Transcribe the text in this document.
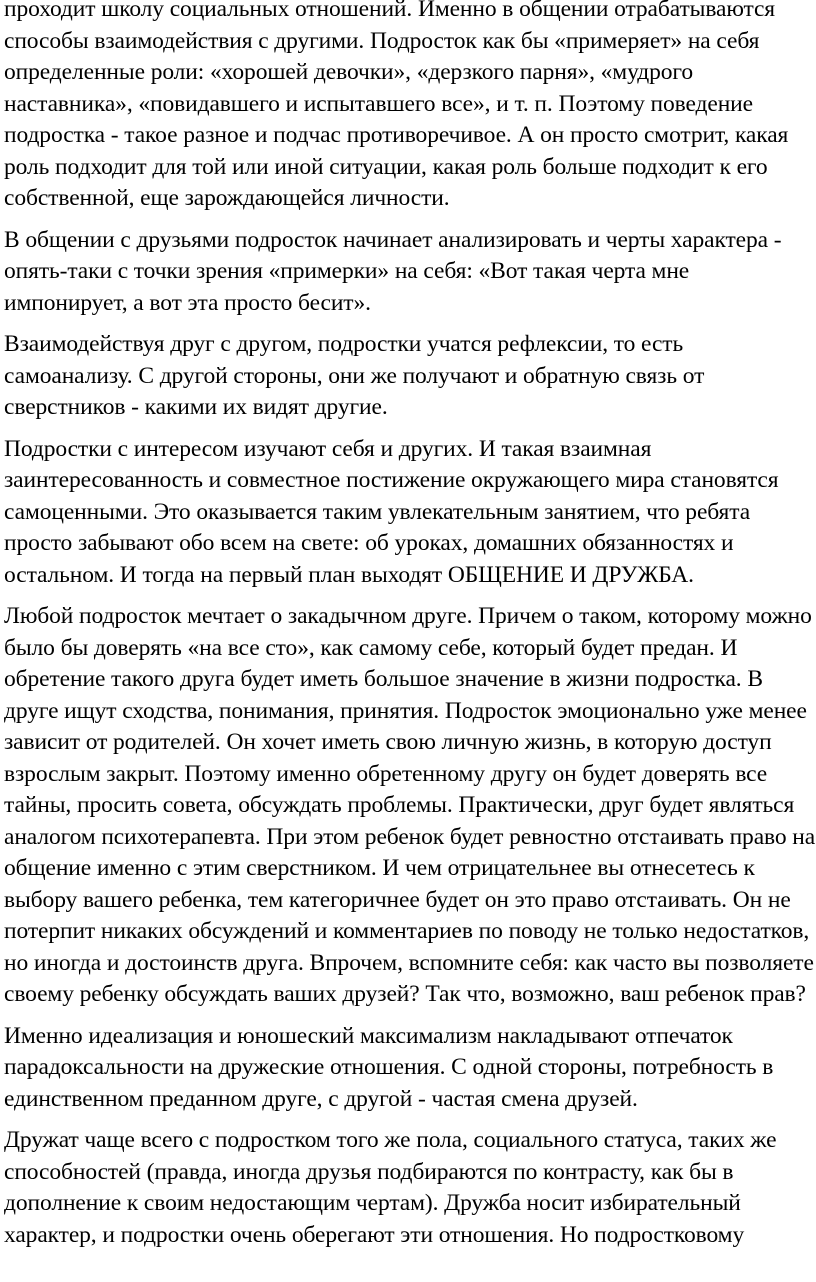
проходит школу социальных отношений. Именно в общении отрабатываются способы взаимодействия с другими. Подросток как бы «примеряет» на себя определенные роли: «хорошей девочки», «дерзкого парня», «мудрого наставника», «повидавшего и испытавшего все», и т. п. Поэтому поведение подростка - такое разное и подчас противоречивое. А он просто смотрит, какая роль подходит для той или иной ситуации, какая роль больше подходит к его собственной, еще зарождающейся личности.

В общении с друзьями подросток начинает анализировать и черты характера - опять-таки с точки зрения «примерки» на себя: «Вот такая черта мне импонирует, а вот эта просто бесит».

Взаимодействуя друг с другом, подростки учатся рефлексии, то есть самоанализу. С другой стороны, они же получают и обратную связь от сверстников - какими их видят другие.

Подростки с интересом изучают себя и других. И такая взаимная заинтересованность и совместное постижение окружающего мира становятся самоценными. Это оказывается таким увлекательным занятием, что ребята просто забывают обо всем на свете: об уроках, домашних обязанностях и остальном. И тогда на первый план выходят ОБЩЕНИЕ И ДРУЖБА.

Любой подросток мечтает о закадычном друге. Причем о таком, которому можно было бы доверять «на все сто», как самому себе, который будет предан. И обретение такого друга будет иметь большое значение в жизни подростка. В друге ищут сходства, понимания, принятия. Подросток эмоционально уже менее зависит от родителей. Он хочет иметь свою личную жизнь, в которую доступ взрослым закрыт. Поэтому именно обретенному другу он будет доверять все тайны, просить совета, обсуждать проблемы. Практически, друг будет являться аналогом психотерапевта. При этом ребенок будет ревностно отстаивать право на общение именно с этим сверстником. И чем отрицательнее вы отнесетесь к выбору вашего ребенка, тем категоричнее будет он это право отстаивать. Он не потерпит никаких обсуждений и комментариев по поводу не только недостатков, но иногда и достоинств друга. Впрочем, вспомните себя: как часто вы позволяете своему ребенку обсуждать ваших друзей? Так что, возможно, ваш ребенок прав?

Именно идеализация и юношеский максимализм накладывают отпечаток парадоксальности на дружеские отношения. С одной стороны, потребность в единственном преданном друге, с другой - частая смена друзей.

Дружат чаще всего с подростком того же пола, социального статуса, таких же способностей (правда, иногда друзья подбираются по контрасту, как бы в дополнение к своим недостающим чертам). Дружба носит избирательный характер, и подростки очень оберегают эти отношения. Но подростковому
